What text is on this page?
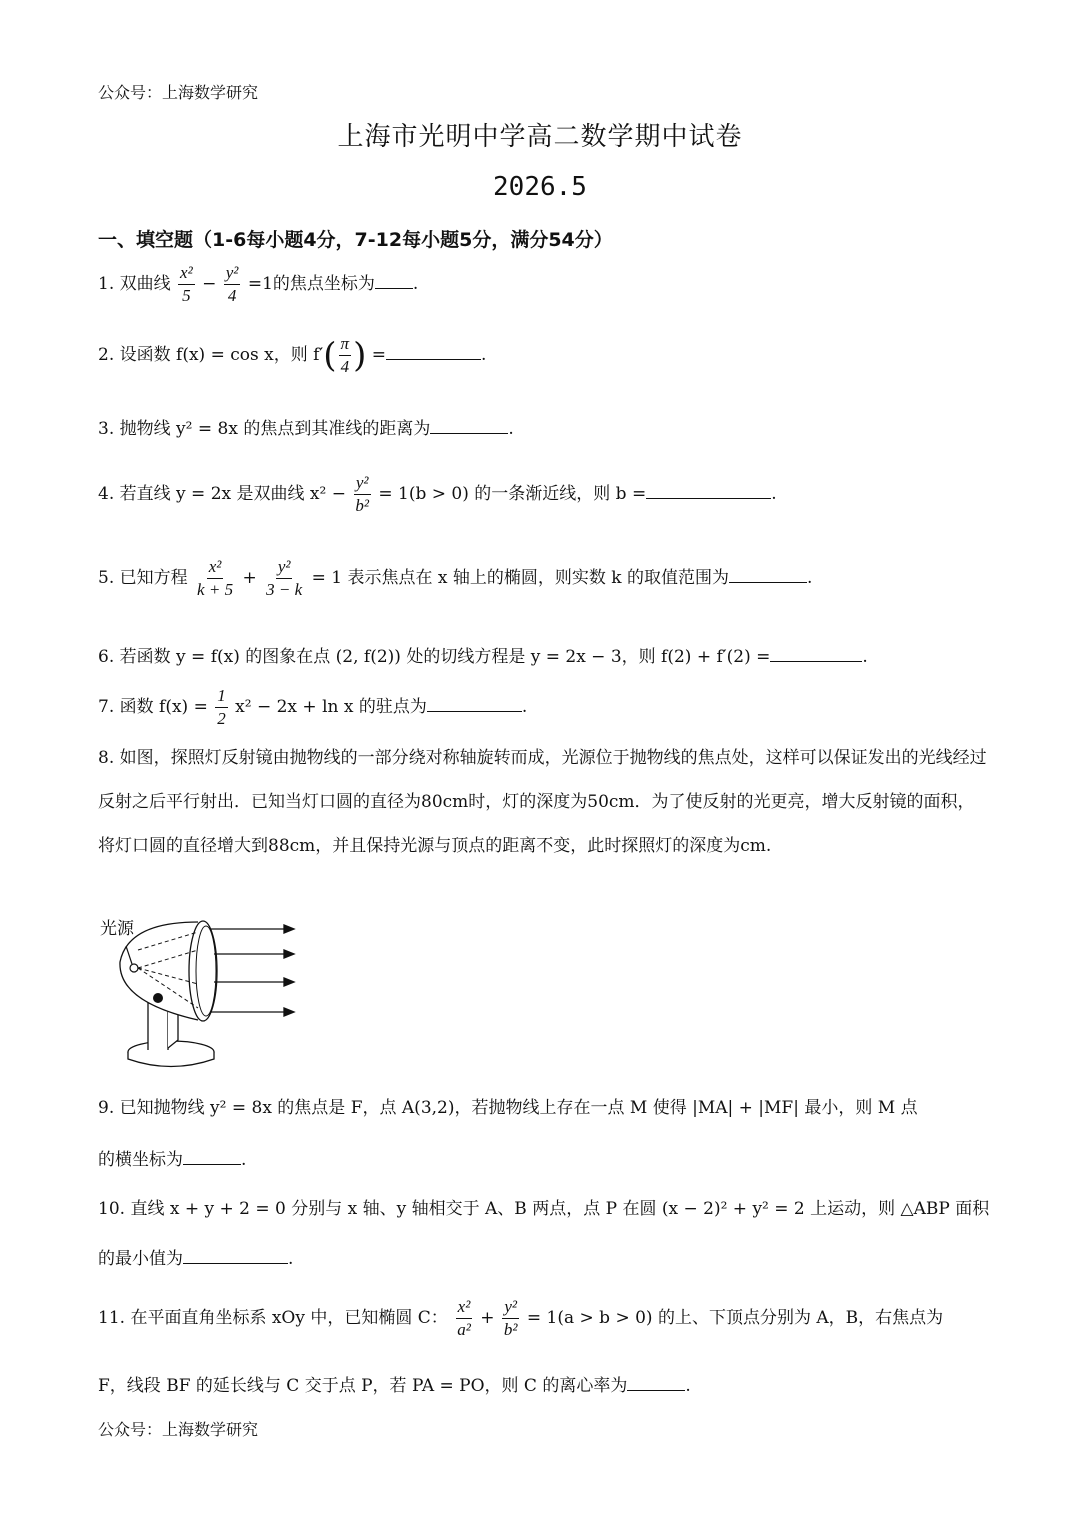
公众号：上海数学研究
上海市光明中学高二数学期中试卷
2026.5
一、填空题（1-6每小题4分，7-12每小题5分，满分54分）
1. 双曲线 $\frac{\text{x²}}{5} - \frac{\text{y²}}{4} =1$的焦点坐标为 .
2. 设函数 f(x) = cos x，则 $f'( \frac{\pi}{4}$ ) =	.
3. 抛物线 y² = 8x 的焦点到其准线的距离为	.
4. 若直线 y = 2x 是双曲线 $x^2 - \frac{\text{y²}}{\text{b²}} = 1(b > 0)$ 的一条渐近线，则 b =	.
5. 已知方程 $\frac{\text{x²}}{k + 5} + \frac{\text{y²}}{3 - k} = 1$ 表示焦点在 x 轴上的椭圆，则实数 k 的取值范围为	.
6. 若函数 y = f(x) 的图象在点 (2, f(2)) 处的切线方程是 y = 2x − 3，则 f(2) + f′(2) =	.
7. 函数 $f(x) = \frac{1}{2} x^2 - 2x + \ln x$ 的驻点为	.
8. 如图，探照灯反射镜由抛物线的一部分绕对称轴旋转而成，光源位于抛物线的焦点处，这样可以保证发出的光线经过反射之后平行射出．已知当灯口圆的直径为80cm时，灯的深度为50cm．为了使反射的光更亮，增大反射镜的面积，将灯口圆的直径增大到88cm，并且保持光源与顶点的距离不变，此时探照灯的深度为cm.
光源
9. 已知抛物线 y² = 8x 的焦点是 F，点 A(3,2)，若抛物线上存在一点 M 使得 |MA| + |MF| 最小，则 M 点
的横坐标为	.
10. 直线 x + y + 2 = 0 分别与 x 轴、y 轴相交于 A、B 两点，点 P 在圆 (x − 2)² + y² = 2 上运动，则 △ABP 面积
的最小值为	.
11. 在平面直角坐标系 xOy 中，已知椭圆 C： $\frac{\text{x²}}{\text{a²}} + \frac{\text{y²}}{\text{b²}} = 1(a > b > 0)$ 的上、下顶点分别为 A，B，右焦点为
F，线段 BF 的延长线与 C 交于点 P，若 PA = PO，则 C 的离心率为	.
公众号：上海数学研究
